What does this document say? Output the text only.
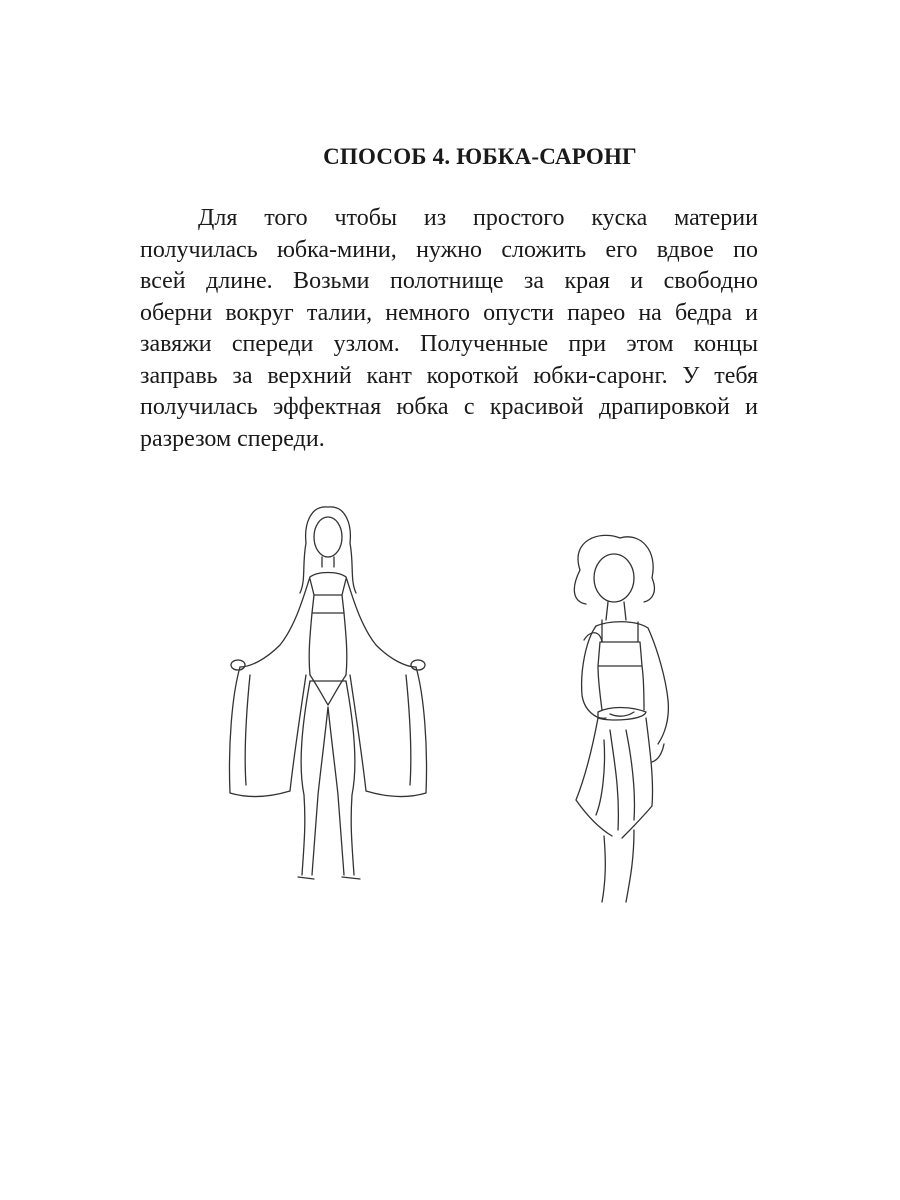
СПОСОБ 4. ЮБКА-САРОНГ
Для того чтобы из простого куска материи
получилась юбка-мини, нужно сложить его вдвое по
всей длине. Возьми полотнище за края и свободно
оберни вокруг талии, немного опусти парео на бедра и
завяжи спереди узлом. Полученные при этом концы
заправь за верхний кант короткой юбки-саронг. У тебя
получилась эффектная юбка с красивой драпировкой и
разрезом спереди.
